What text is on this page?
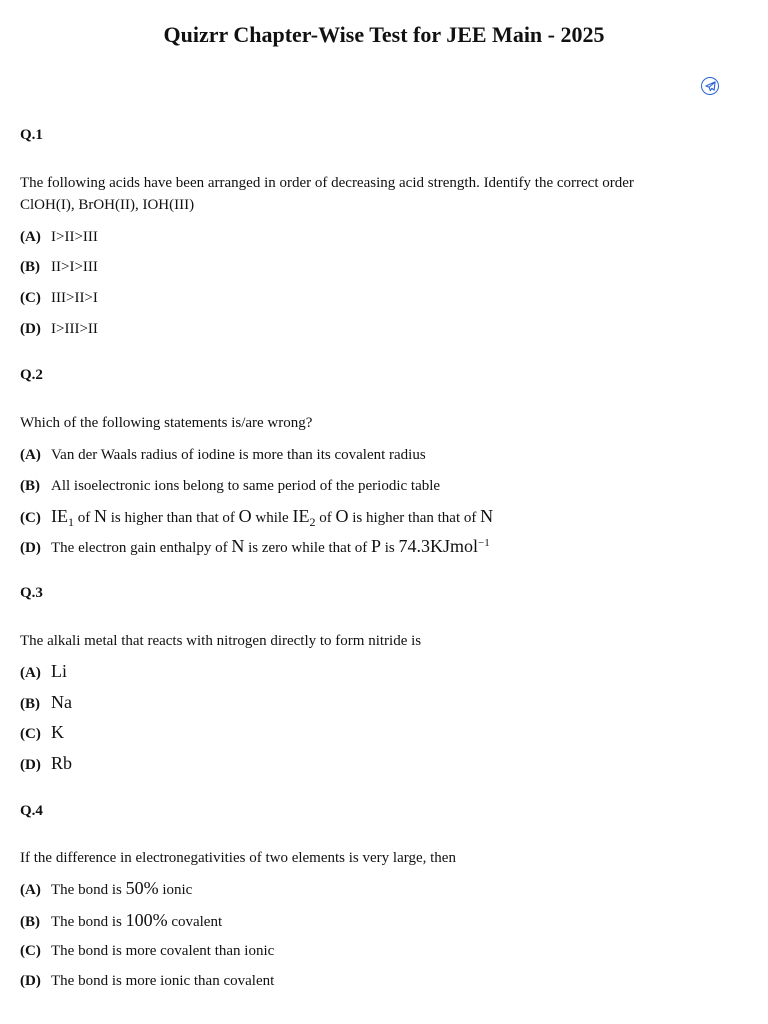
Quizrr Chapter-Wise Test for JEE Main - 2025

Q.1

The following acids have been arranged in order of decreasing acid strength. Identify the correct order

ClOH(I), BrOH(II), IOH(III)

(A) I>II>III
(B) II>I>III
(C) III>II>I
(D) I>III>II

Q.2

Which of the following statements is/are wrong?

(A) Van der Waals radius of iodine is more than its covalent radius
(B) All isoelectronic ions belong to same period of the periodic table
(C) $IE_1$ of N is higher than that of O while $IE_2$ of O is higher than that of N
(D) The electron gain enthalpy of N is zero while that of P is 74.3KJmol$^{-1}$

Q.3

The alkali metal that reacts with nitrogen directly to form nitride is

(A) Li
(B) Na
(C) K
(D) Rb

Q.4

If the difference in electronegativities of two elements is very large, then

(A) The bond is 50% ionic
(B) The bond is 100% covalent
(C) The bond is more covalent than ionic
(D) The bond is more ionic than covalent
